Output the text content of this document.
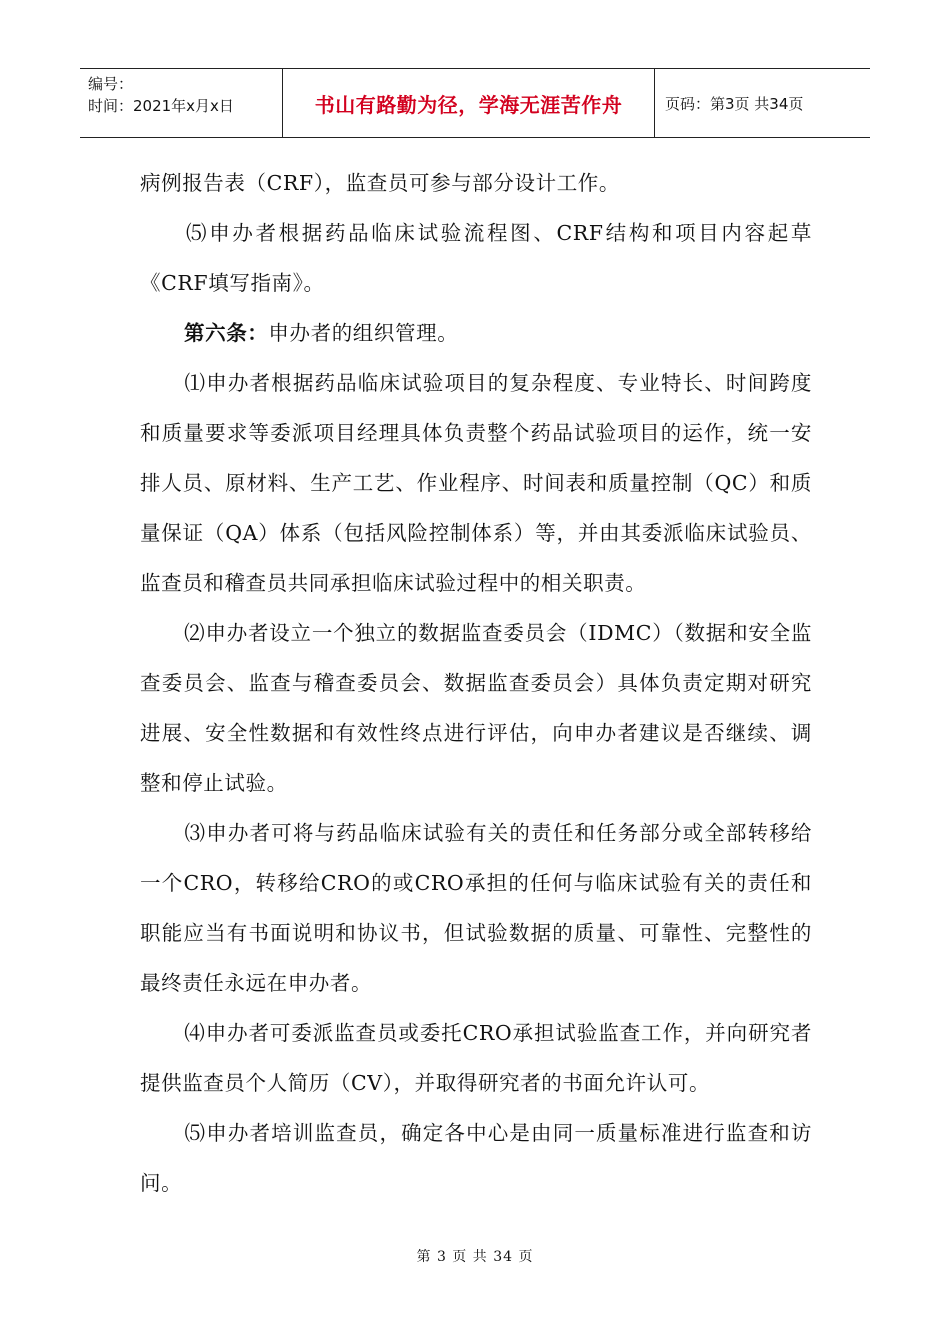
编号：
时间：2021年x月x日	书山有路勤为径，学海无涯苦作舟	页码：第3页 共34页

病例报告表（CRF），监查员可参与部分设计工作。

⑸申办者根据药品临床试验流程图、CRF结构和项目内容起草《CRF填写指南》。

第六条：申办者的组织管理。

⑴申办者根据药品临床试验项目的复杂程度、专业特长、时间跨度和质量要求等委派项目经理具体负责整个药品试验项目的运作，统一安排人员、原材料、生产工艺、作业程序、时间表和质量控制（QC）和质量保证（QA）体系（包括风险控制体系）等，并由其委派临床试验员、监查员和稽查员共同承担临床试验过程中的相关职责。

⑵申办者设立一个独立的数据监查委员会（IDMC）（数据和安全监查委员会、监查与稽查委员会、数据监查委员会）具体负责定期对研究进展、安全性数据和有效性终点进行评估，向申办者建议是否继续、调整和停止试验。

⑶申办者可将与药品临床试验有关的责任和任务部分或全部转移给一个CRO，转移给CRO的或CRO承担的任何与临床试验有关的责任和职能应当有书面说明和协议书，但试验数据的质量、可靠性、完整性的最终责任永远在申办者。

⑷申办者可委派监查员或委托CRO承担试验监查工作，并向研究者提供监查员个人简历（CV），并取得研究者的书面允许认可。

⑸申办者培训监查员，确定各中心是由同一质量标准进行监查和访问。

第 3 页 共 34 页
